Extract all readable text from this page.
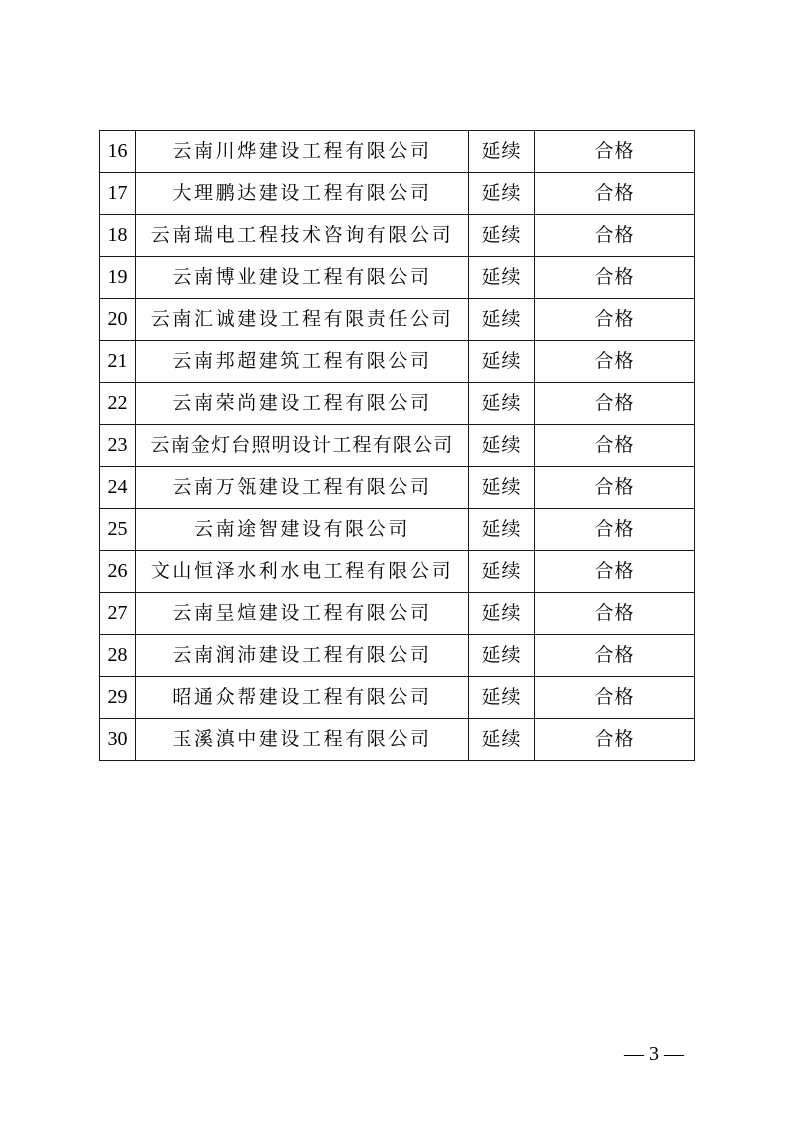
16	云南川烨建设工程有限公司	延续	合格
17	大理鹏达建设工程有限公司	延续	合格
18	云南瑞电工程技术咨询有限公司	延续	合格
19	云南博业建设工程有限公司	延续	合格
20	云南汇诚建设工程有限责任公司	延续	合格
21	云南邦超建筑工程有限公司	延续	合格
22	云南荣尚建设工程有限公司	延续	合格
23	云南金灯台照明设计工程有限公司	延续	合格
24	云南万瓴建设工程有限公司	延续	合格
25	云南途智建设有限公司	延续	合格
26	文山恒泽水利水电工程有限公司	延续	合格
27	云南呈煊建设工程有限公司	延续	合格
28	云南润沛建设工程有限公司	延续	合格
29	昭通众帮建设工程有限公司	延续	合格
30	玉溪滇中建设工程有限公司	延续	合格
— 3 —
